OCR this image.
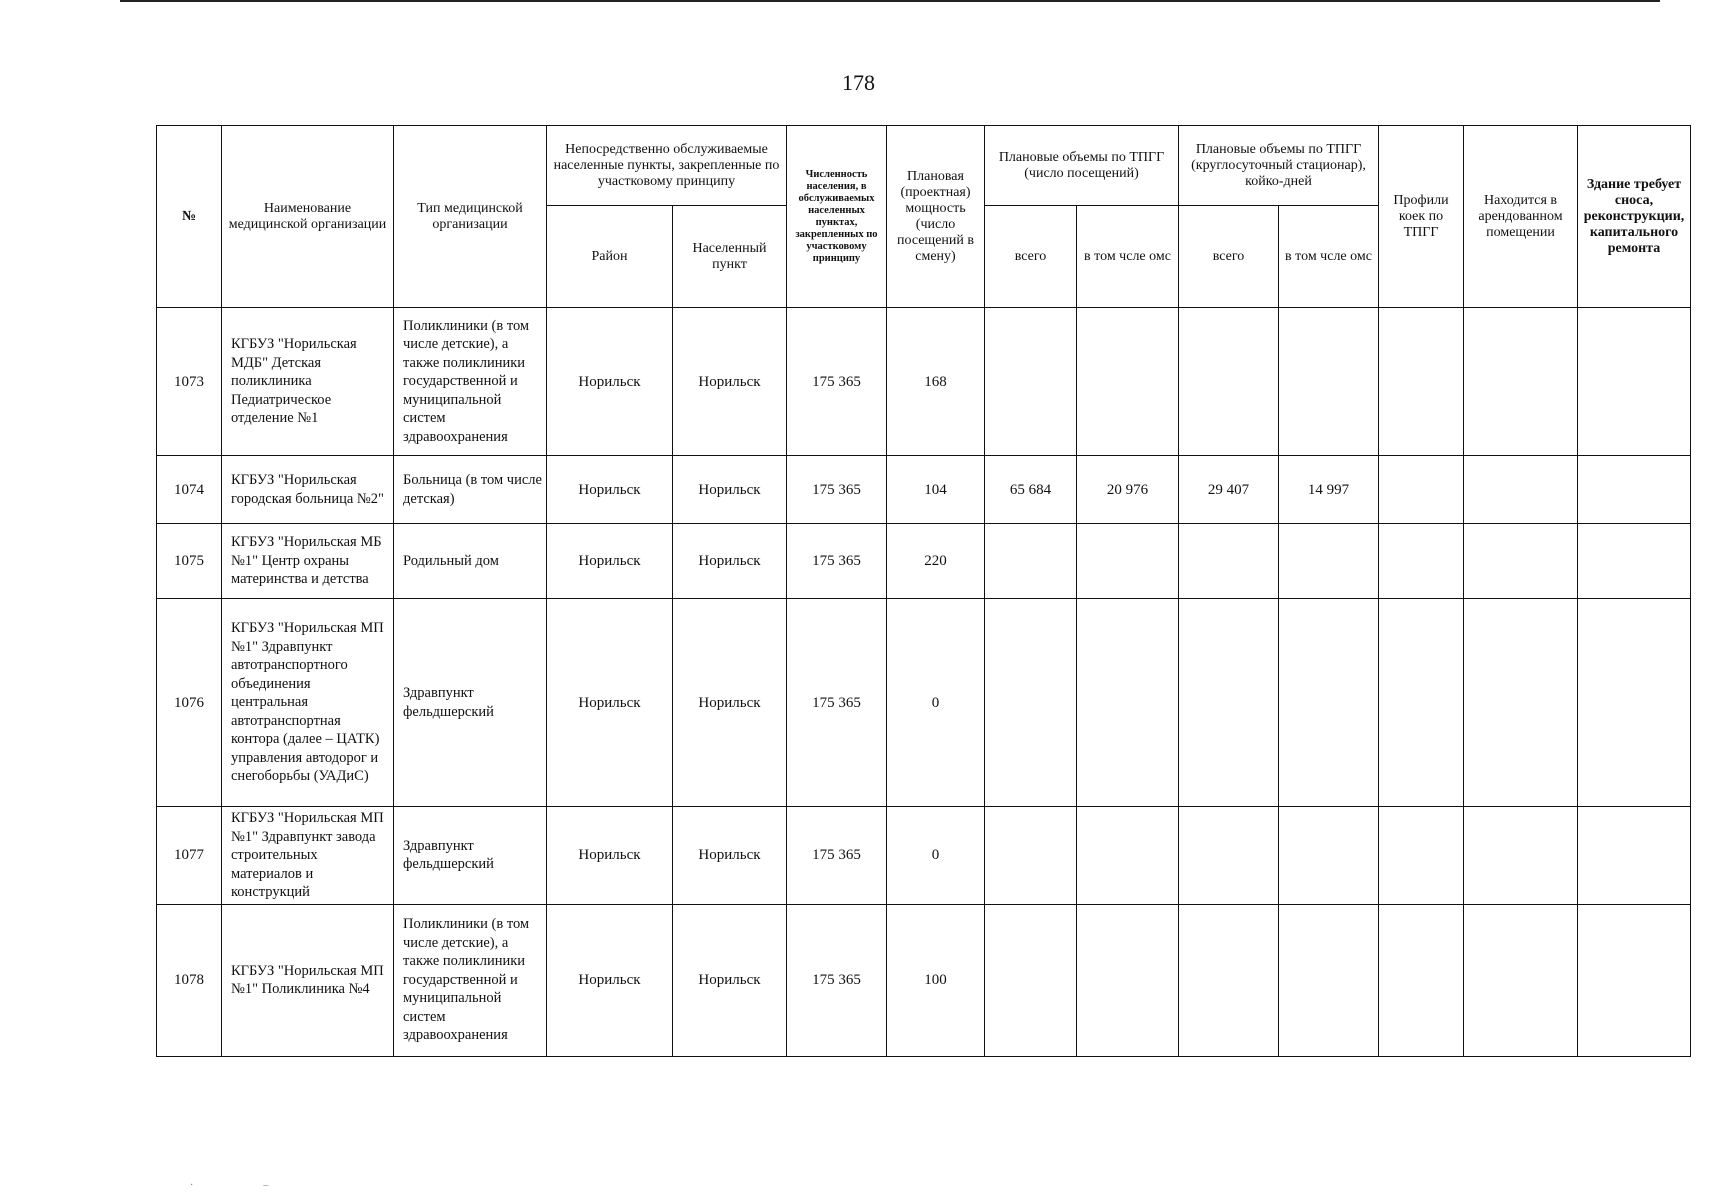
178
№	Наименование медицинской организации	Тип медицинской организации	Непосредственно обслуживаемые населенные пункты, закрепленные по участковому принципу		Численность населения, в обслуживаемых населенных пунктах, закрепленных по участковому принципу	Плановая (проектная) мощность (число посещений в смену)	Плановые объемы по ТПГГ (число посещений)		Плановые объемы по ТПГГ (круглосуточный стационар), койко-дней		Профили коек по ТПГГ	Находится в арендованном помещении	Здание требует сноса, реконструкции, капитального ремонта
			Район	Населенный пункт			всего	в том чсле омс	всего	в том чсле омс			
1073	КГБУЗ "Норильская МДБ" Детская поликлиника Педиатрическое отделение №1	Поликлиники (в том числе детские), а также поликлиники государственной и муниципальной систем здравоохранения	Норильск	Норильск	175 365	168							
1074	КГБУЗ "Норильская городская больница №2"	Больница (в том числе детская)	Норильск	Норильск	175 365	104	65 684	20 976	29 407	14 997			
1075	КГБУЗ "Норильская МБ №1" Центр охраны материнства и детства	Родильный дом	Норильск	Норильск	175 365	220							
1076	КГБУЗ "Норильская МП №1" Здравпункт автотранспортного объединения центральная автотранспортная контора (далее – ЦАТК) управления автодорог и снегоборьбы (УАДиС)	Здравпункт фельдшерский	Норильск	Норильск	175 365	0							
1077	КГБУЗ "Норильская МП №1" Здравпункт завода строительных материалов и конструкций	Здравпункт фельдшерский	Норильск	Норильск	175 365	0							
1078	КГБУЗ "Норильская МП №1" Поликлиника №4	Поликлиники (в том числе детские), а также поликлиники государственной и муниципальной систем здравоохранения	Норильск	Норильск	175 365	100							
·                            –
